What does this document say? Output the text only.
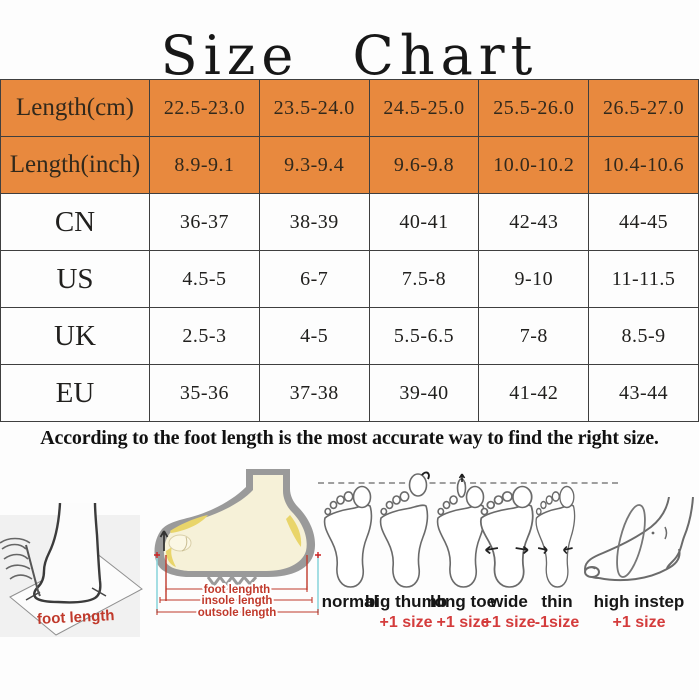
Size Chart
Length(cm)	22.5-23.0	23.5-24.0	24.5-25.0	25.5-26.0	26.5-27.0
Length(inch)	8.9-9.1	9.3-9.4	9.6-9.8	10.0-10.2	10.4-10.6
CN	36-37	38-39	40-41	42-43	44-45
US	4.5-5	6-7	7.5-8	9-10	11-11.5
UK	2.5-3	4-5	5.5-6.5	7-8	8.5-9
EU	35-36	37-38	39-40	41-42	43-44
According to the foot length is the most accurate way to find the right size.
foot length
foot lenghth
insole length
outsole length
normal
big thumb
+1 size
long toe
+1 size
wide
+1 size
thin
-1size
high instep
+1 size
